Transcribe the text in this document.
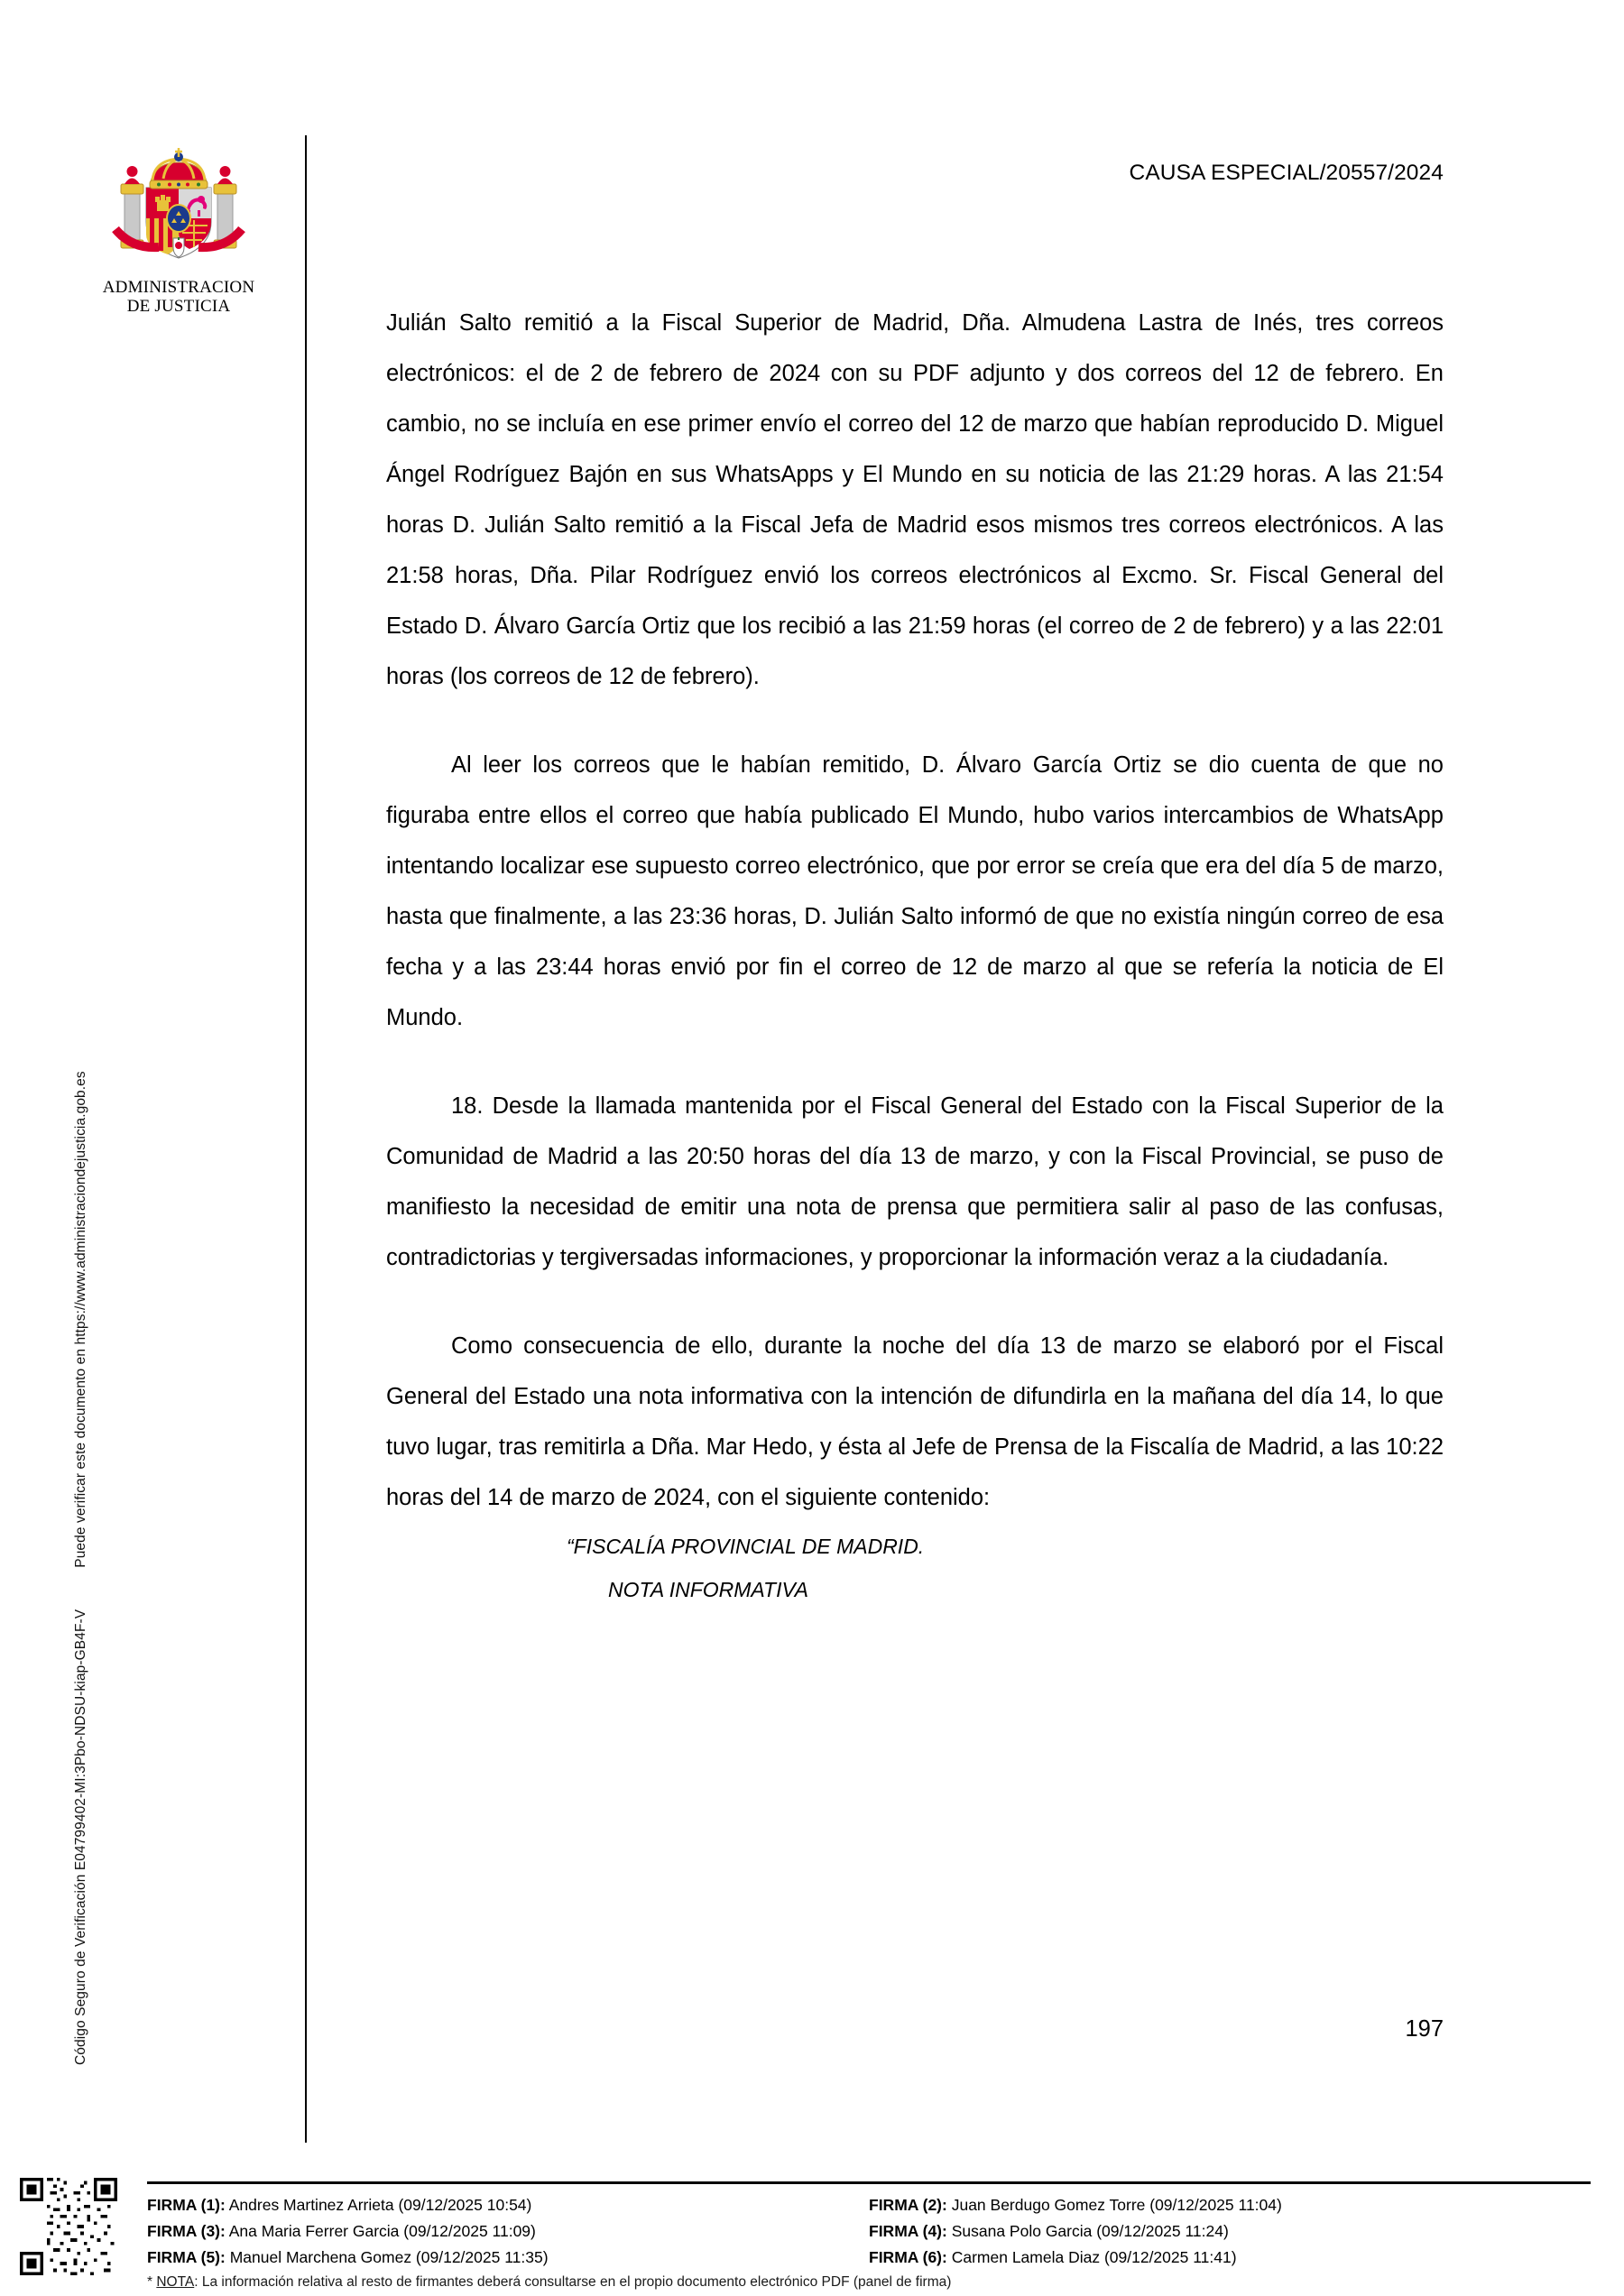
Código Seguro de Verificación E04799402-MI:3Pbo-NDSU-kiap-GB4F-VPuede verificar este documento en https://www.administraciondejusticia.gob.es
ADMINISTRACION
DE JUSTICIA
CAUSA ESPECIAL/20557/2024

Julián Salto remitió a la Fiscal Superior de Madrid, Dña. Almudena Lastra de Inés, tres correos electrónicos: el de 2 de febrero de 2024 con su PDF adjunto y dos correos del 12 de febrero. En cambio, no se incluía en ese primer envío el correo del 12 de marzo que habían reproducido D. Miguel Ángel Rodríguez Bajón en sus WhatsApps y El Mundo en su noticia de las 21:29 horas. A las 21:54 horas D. Julián Salto remitió a la Fiscal Jefa de Madrid esos mismos tres correos electrónicos. A las 21:58 horas, Dña. Pilar Rodríguez envió los correos electrónicos al Excmo. Sr. Fiscal General del Estado D. Álvaro García Ortiz que los recibió a las 21:59 horas (el correo de 2 de febrero) y a las 22:01 horas (los correos de 12 de febrero).

Al leer los correos que le habían remitido, D. Álvaro García Ortiz se dio cuenta de que no figuraba entre ellos el correo que había publicado El Mundo, hubo varios intercambios de WhatsApp intentando localizar ese supuesto correo electrónico, que por error se creía que era del día 5 de marzo, hasta que finalmente, a las 23:36 horas, D. Julián Salto informó de que no existía ningún correo de esa fecha y a las 23:44 horas envió por fin el correo de 12 de marzo al que se refería la noticia de El Mundo.

18. Desde la llamada mantenida por el Fiscal General del Estado con la Fiscal Superior de la Comunidad de Madrid a las 20:50 horas del día 13 de marzo, y con la Fiscal Provincial, se puso de manifiesto la necesidad de emitir una nota de prensa que permitiera salir al paso de las confusas, contradictorias y tergiversadas informaciones, y proporcionar la información veraz a la ciudadanía.

Como consecuencia de ello, durante la noche del día 13 de marzo se elaboró por el Fiscal General del Estado una nota informativa con la intención de difundirla en la mañana del día 14, lo que tuvo lugar, tras remitirla a Dña. Mar Hedo, y ésta al Jefe de Prensa de la Fiscalía de Madrid, a las 10:22 horas del 14 de marzo de 2024, con el siguiente contenido:

“FISCALÍA PROVINCIAL DE MADRID.
NOTA INFORMATIVA
197
FIRMA (1): Andres Martinez Arrieta (09/12/2025 10:54)	FIRMA (2): Juan Berdugo Gomez Torre (09/12/2025 11:04)
FIRMA (3): Ana Maria Ferrer Garcia (09/12/2025 11:09)	FIRMA (4): Susana Polo Garcia (09/12/2025 11:24)
FIRMA (5): Manuel Marchena Gomez (09/12/2025 11:35)	FIRMA (6): Carmen Lamela Diaz (09/12/2025 11:41)
* NOTA: La información relativa al resto de firmantes deberá consultarse en el propio documento electrónico PDF (panel de firma)
